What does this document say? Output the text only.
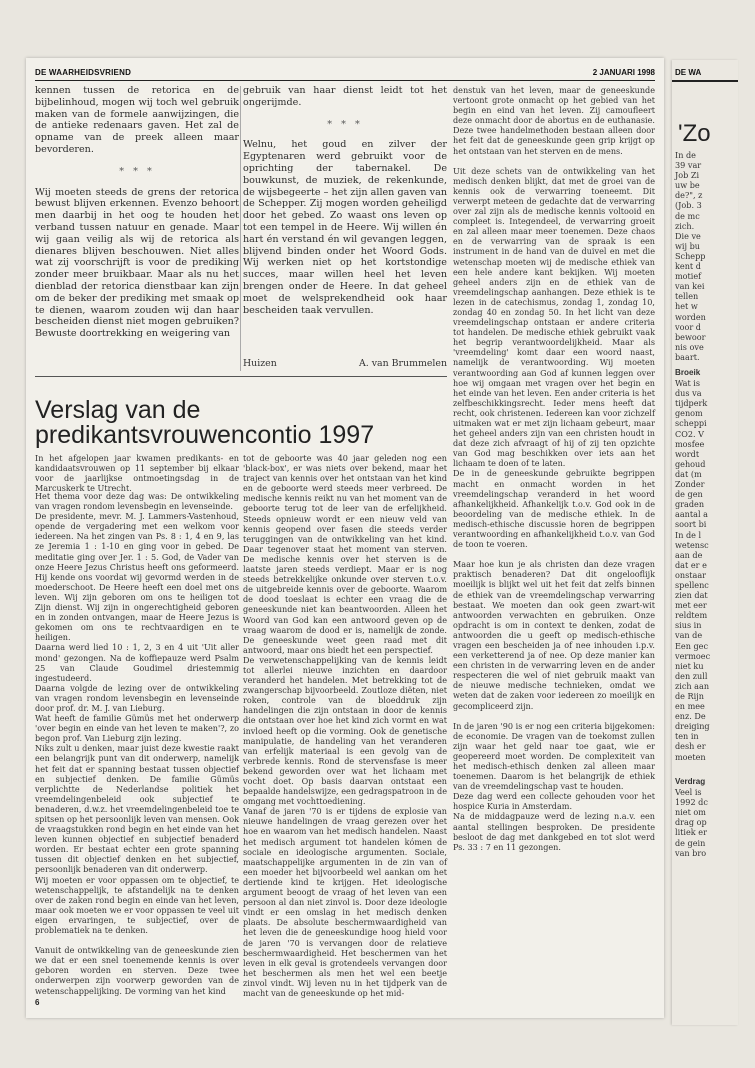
DE WAARHEIDSVRIEND	2 JANUARI 1998

kennen tussen de retorica en de bijbelinhoud, mogen wij toch wel gebruik maken van de formele aanwijzingen, die de antieke redenaars gaven. Het zal de opname van de preek alleen maar bevorderen.

* * *

Wij moeten steeds de grens der retorica bewust blijven erkennen. Evenzo behoort men daarbij in het oog te houden het verband tussen natuur en genade. Maar wij gaan veilig als wij de retorica als dienares blijven beschouwen. Niet alles wat zij voorschrijft is voor de prediking zonder meer bruikbaar. Maar als nu het dienblad der retorica dienstbaar kan zijn om de beker der prediking met smaak op te dienen, waarom zouden wij dan haar bescheiden dienst niet mogen gebruiken? Bewuste doortrekking en weigering van

gebruik van haar dienst leidt tot het ongerijmde.

* * *

Welnu, het goud en zilver der Egyptenaren werd gebruikt voor de oprichting der tabernakel. De bouwkunst, de muziek, de rekenkunde, de wijsbegeerte – het zijn allen gaven van de Schepper. Zij mogen worden geheiligd door het gebed. Zo waast ons leven op tot een tempel in de Heere. Wij willen én hart én verstand én wil gevangen leggen, blijvend binden onder het Woord Gods. Wij werken niet op het kortstondige succes, maar willen heel het leven brengen onder de Heere. In dat geheel moet de welsprekendheid ook haar bescheiden taak vervullen.

Huizen	A. van Brummelen
Verslag van de predikantsvrouwencontio 1997
In het afgelopen jaar kwamen predikants- en kandidaatsvrouwen op 11 september bij elkaar voor de jaarlijkse ontmoetingsdag in de Marcuskerk te Utrecht.

Het thema voor deze dag was: De ontwikkeling van vragen rondom levensbegin en levenseinde.

De presidente, mevr. M. J. Lammers-Vastenhoud, opende de vergadering met een welkom voor iedereen. Na het zingen van Ps. 8 : 1, 4 en 9, las ze Jeremia 1 : 1-10 en ging voor in gebed. De meditatie ging over Jer. 1 : 5. God, de Vader van onze Heere Jezus Christus heeft ons geformeerd. Hij kende ons voordat wij gevormd werden in de moederschoot. De Heere heeft een doel met ons leven. Wij zijn geboren om ons te heiligen tot Zijn dienst. Wij zijn in ongerechtigheid geboren en in zonden ontvangen, maar de Heere Jezus is gekomen om ons te rechtvaardigen en te heiligen.

Daarna werd lied 10 : 1, 2, 3 en 4 uit 'Uit aller mond' gezongen. Na de koffiepauze werd Psalm 25 van Claude Goudimel driestemmig ingestudeerd.

Daarna volgde de lezing over de ontwikkeling van vragen rondom levensbegin en levenseinde door prof. dr. M. J. van Lieburg.

Wat heeft de familie Gümüs met het onderwerp 'over begin en einde van het leven te maken'?, zo begon prof. Van Lieburg zijn lezing.

Niks zult u denken, maar juist deze kwestie raakt een belangrijk punt van dit onderwerp, namelijk het feit dat er spanning bestaat tussen objectief en subjectief denken. De familie Gümüs verplichtte de Nederlandse politiek het vreemdelingenbeleid ook subjectief te benaderen, d.w.z. het vreemdelingenbeleid toe te spitsen op het persoonlijk leven van mensen. Ook de vraagstukken rond begin en het einde van het leven kunnen objectief en subjectief benaderd worden. Er bestaat echter een grote spanning tussen dit objectief denken en het subjectief, persoonlijk benaderen van dit onderwerp.

Wij moeten er voor oppassen om te objectief, te wetenschappelijk, te afstandelijk na te denken over de zaken rond begin en einde van het leven, maar ook moeten we er voor oppassen te veel uit eigen ervaringen, te subjectief, over de problematiek na te denken.

Vanuit de ontwikkeling van de geneeskunde zien we dat er een snel toenemende kennis is over geboren worden en sterven. Deze twee onderwerpen zijn voorwerp geworden van de wetenschappelijking. De vorming van het kind

tot de geboorte was 40 jaar geleden nog een 'black-box', er was niets over bekend, maar het traject van kennis over het ontstaan van het kind en de geboorte werd steeds meer verbreed. De medische kennis reikt nu van het moment van de geboorte terug tot de leer van de erfelijkheid. Steeds opnieuw wordt er een nieuw veld van kennis geopend over fasen die steeds verder teruggingen van de ontwikkeling van het kind. Daar tegenover staat het moment van sterven. De medische kennis over het sterven is de laatste jaren steeds verdiept. Maar er is nog steeds betrekkelijke onkunde over sterven t.o.v. de uitgebreide kennis over de geboorte. Waarom de dood toeslaat is echter een vraag die de geneeskunde niet kan beantwoorden. Alleen het Woord van God kan een antwoord geven op de vraag waarom de dood er is, namelijk de zonde. De geneeskunde weet geen raad met dit antwoord, maar ons biedt het een perspectief.

De verwetenschappelijking van de kennis leidt tot allerlei nieuwe inzichten en daardoor veranderd het handelen. Met betrekking tot de zwangerschap bijvoorbeeld. Zoutloze diëten, niet roken, controle van de bloeddruk zijn handelingen die zijn ontstaan in door de kennis die ontstaan over hoe het kind zich vormt en wat invloed heeft op die vorming. Ook de genetische manipulatie, de handeling van het veranderen van erfelijk materiaal is een gevolg van de verbrede kennis. Rond de stervensfase is meer bekend geworden over wat het lichaam met vocht doet. Op basis daarvan ontstaat een bepaalde handelswijze, een gedragspatroon in de omgang met vochttoediening.

Vanaf de jaren '70 is er tijdens de explosie van nieuwe handelingen de vraag gerezen over het hoe en waarom van het medisch handelen. Naast het medisch argument tot handelen kómen de sociale en ideologische argumenten. Sociale, maatschappelijke argumenten in de zin van of een moeder het bijvoorbeeld wel aankan om het dertiende kind te krijgen. Het ideologische argument beoogt de vraag of het leven van een persoon al dan niet zinvol is. Door deze ideologie vindt er een omslag in het medisch denken plaats. De absolute beschermwaardigheid van het leven die de geneeskundige hoog hield voor de jaren '70 is vervangen door de relatieve beschermwaardigheid. Het beschermen van het leven in elk geval is grotendeels vervangen door het beschermen als men het wel een beetje zinvol vindt. Wij leven nu in het tijdperk van de macht van de geneeskunde op het mid-

denstuk van het leven, maar de geneeskunde vertoont grote onmacht op het gebied van het begin en eind van het leven. Zij camoufleert deze onmacht door de abortus en de euthanasie. Deze twee handelmethoden bestaan alleen door het feit dat de geneeskunde geen grip krijgt op het ontstaan van het sterven en de mens.

Uit deze schets van de ontwikkeling van het medisch denken blijkt, dat met de groei van de kennis ook de verwarring toeneemt. Dit verwerpt meteen de gedachte dat de verwarring over zal zijn als de medische kennis voltooid en compleet is. Integendeel, de verwarring groeit en zal alleen maar meer toenemen. Deze chaos en de verwarring van de spraak is een instrument in de hand van de duivel en met die wetenschap moeten wij de medische ethiek van een hele andere kant bekijken. Wij moeten geheel anders zijn en de ethiek van de vreemdelingschap aanhangen. Deze ethiek is te lezen in de catechismus, zondag 1, zondag 10, zondag 40 en zondag 50. In het licht van deze vreemdelingschap ontstaan er andere criteria tot handelen. De medische ethiek gebruikt vaak het begrip verantwoordelijkheid. Maar als 'vreemdeling' komt daar een woord naast, namelijk de verantwoording. Wij moeten verantwoording aan God af kunnen leggen over hoe wij omgaan met vragen over het begin en het einde van het leven. Een ander criteria is het zelfbeschikkingsrecht. Ieder mens heeft dat recht, ook christenen. Iedereen kan voor zichzelf uitmaken wat er met zijn lichaam gebeurt, maar het geheel anders zijn van een christen houdt in dat deze zich afvraagt of hij of zij ten opzichte van God mag beschikken over iets aan het lichaam te doen of te laten.

De in de geneeskunde gebruikte begrippen macht en onmacht worden in het vreemdelingschap veranderd in het woord afhankelijkheid. Afhankelijk t.o.v. God ook in de beoordeling van de medische ethiek. In de medisch-ethische discussie horen de begrippen verantwoording en afhankelijkheid t.o.v. van God de toon te voeren.

Maar hoe kun je als christen dan deze vragen praktisch benaderen? Dat dit ongelooflijk moeilijk is blijkt wel uit het feit dat zelfs binnen de ethiek van de vreemdelingschap verwarring bestaat. We moeten dan ook geen zwart-wit antwoorden verwachten en gebruiken. Onze opdracht is om in context te denken, zodat de antwoorden die u geeft op medisch-ethische vragen een bescheiden ja of nee inhouden i.p.v. een verketterend ja of nee. Op deze manier kan een christen in de verwarring leven en de ander respecteren die wel of niet gebruik maakt van de nieuwe medische technieken, omdat we weten dat de zaken voor iedereen zo moeilijk en gecompliceerd zijn.

In de jaren '90 is er nog een criteria bijgekomen: de economie. De vragen van de toekomst zullen zijn waar het geld naar toe gaat, wie er geopereerd moet worden. De complexiteit van het medisch-ethisch denken zal alleen maar toenemen. Daarom is het belangrijk de ethiek van de vreemdelingschap vast te houden.

Deze dag werd een collecte gehouden voor het hospice Kuria in Amsterdam.

Na de middagpauze werd de lezing n.a.v. een aantal stellingen besproken. De presidente besloot de dag met dankgebed en tot slot werd Ps. 33 : 7 en 11 gezongen.

6
DE WA
'Zo
In de
39 var
Job Zi
uw be
de?", z
(Job. 3
de mc
zich.
Die ve
wij bu
Schepp
kent d
motief
van kei
tellen
het w
worden
voor d
bewoor
nis ove
baart.
Broeik
Wat is
dus va
tijdperk
genom
scheppi
CO2. V
mosfee
wordt
gehoud
dat (m
Zonder
de gen
graden
aantal a
soort bi
In de l
wetensc
aan de
dat er e
onstaar
spellenc
zien dat
met eer
reldtem
sius in
van de
Een gec
vermoec
niet ku
den zull
zich aan
de Rijn
en mee
enz. De
dreiging
ten in
desh er
moeten
Verdrag
Veel is
1992 dc
niet om
drag op
litiek er
de gein
van bro
